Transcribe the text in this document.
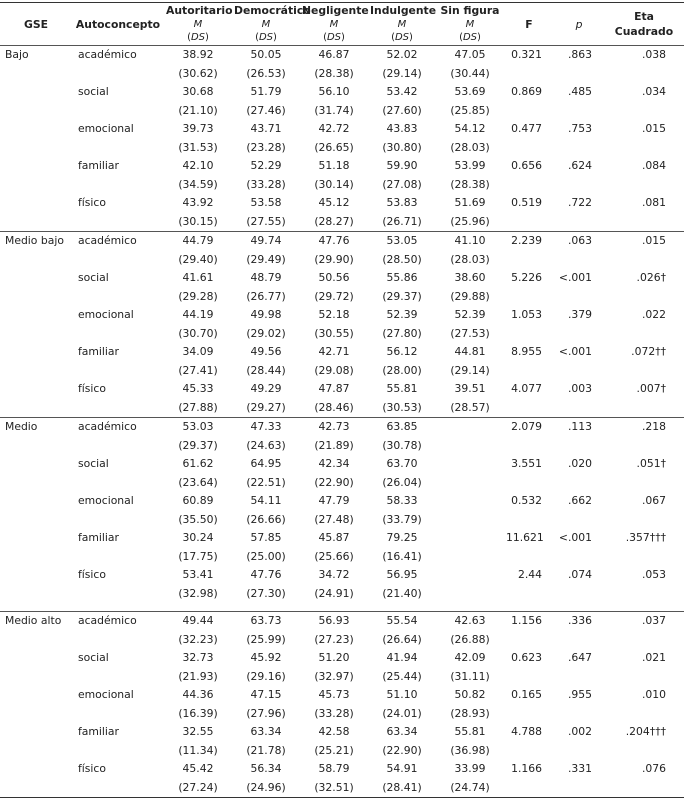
GSE	Autoconcepto	Autoritario	Democrático	Negligente	Indulgente	Sin figura	F	p	Eta Cuadrado
		M	M	M	M	M			
		(DS)	(DS)	(DS)	(DS)	(DS)			
Bajo	académico	38.92	50.05	46.87	52.02	47.05	0.321	.863	.038
		(30.62)	(26.53)	(28.38)	(29.14)	(30.44)			
	social	30.68	51.79	56.10	53.42	53.69	0.869	.485	.034
		(21.10)	(27.46)	(31.74)	(27.60)	(25.85)			
	emocional	39.73	43.71	42.72	43.83	54.12	0.477	.753	.015
		(31.53)	(23.28)	(26.65)	(30.80)	(28.03)			
	familiar	42.10	52.29	51.18	59.90	53.99	0.656	.624	.084
		(34.59)	(33.28)	(30.14)	(27.08)	(28.38)			
	físico	43.92	53.58	45.12	53.83	51.69	0.519	.722	.081
		(30.15)	(27.55)	(28.27)	(26.71)	(25.96)			
Medio bajo	académico	44.79	49.74	47.76	53.05	41.10	2.239	.063	.015
		(29.40)	(29.49)	(29.90)	(28.50)	(28.03)			
	social	41.61	48.79	50.56	55.86	38.60	5.226	<.001	.026†
		(29.28)	(26.77)	(29.72)	(29.37)	(29.88)			
	emocional	44.19	49.98	52.18	52.39	52.39	1.053	.379	.022
		(30.70)	(29.02)	(30.55)	(27.80)	(27.53)			
	familiar	34.09	49.56	42.71	56.12	44.81	8.955	<.001	.072††
		(27.41)	(28.44)	(29.08)	(28.00)	(29.14)			
	físico	45.33	49.29	47.87	55.81	39.51	4.077	.003	.007†
		(27.88)	(29.27)	(28.46)	(30.53)	(28.57)			
Medio	académico	53.03	47.33	42.73	63.85		2.079	.113	.218
		(29.37)	(24.63)	(21.89)	(30.78)				
	social	61.62	64.95	42.34	63.70		3.551	.020	.051†
		(23.64)	(22.51)	(22.90)	(26.04)				
	emocional	60.89	54.11	47.79	58.33		0.532	.662	.067
		(35.50)	(26.66)	(27.48)	(33.79)				
	familiar	30.24	57.85	45.87	79.25		11.621	<.001	.357†††
		(17.75)	(25.00)	(25.66)	(16.41)				
	físico	53.41	47.76	34.72	56.95		2.44	.074	.053
		(32.98)	(27.30)	(24.91)	(21.40)				

Medio alto	académico	49.44	63.73	56.93	55.54	42.63	1.156	.336	.037
		(32.23)	(25.99)	(27.23)	(26.64)	(26.88)			
	social	32.73	45.92	51.20	41.94	42.09	0.623	.647	.021
		(21.93)	(29.16)	(32.97)	(25.44)	(31.11)			
	emocional	44.36	47.15	45.73	51.10	50.82	0.165	.955	.010
		(16.39)	(27.96)	(33.28)	(24.01)	(28.93)			
	familiar	32.55	63.34	42.58	63.34	55.81	4.788	.002	.204†††
		(11.34)	(21.78)	(25.21)	(22.90)	(36.98)			
	físico	45.42	56.34	58.79	54.91	33.99	1.166	.331	.076
		(27.24)	(24.96)	(32.51)	(28.41)	(24.74)			
